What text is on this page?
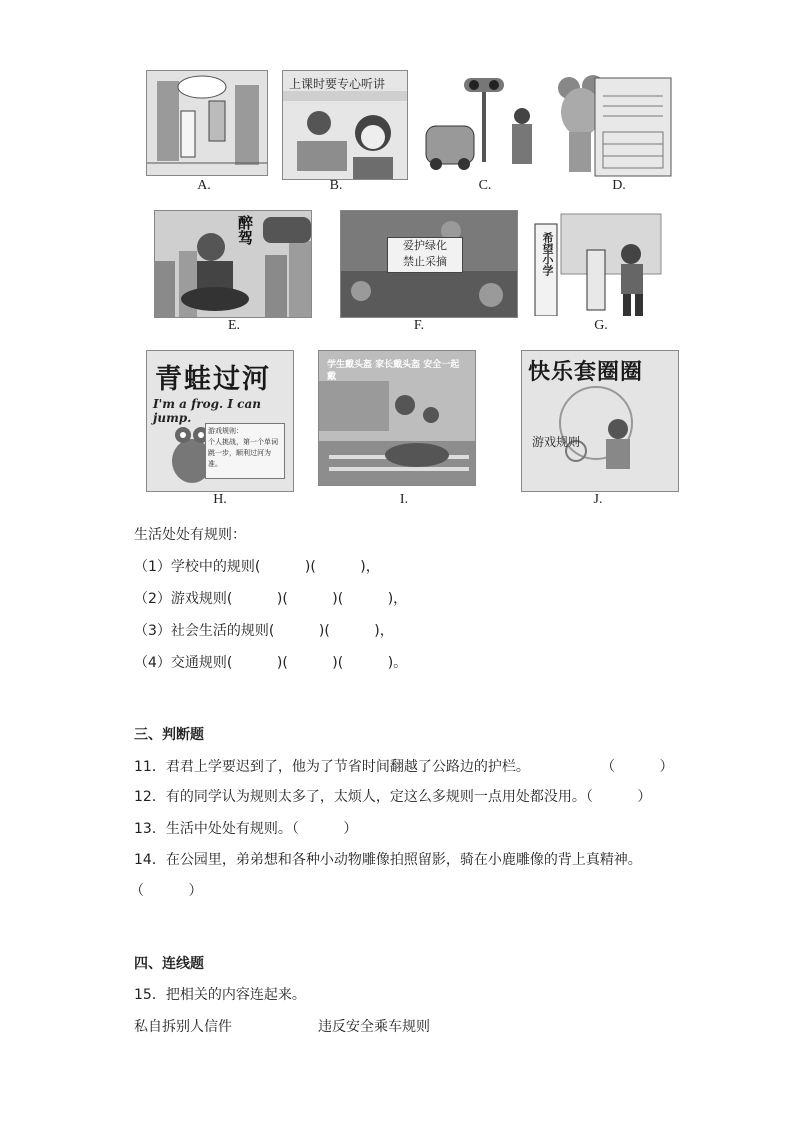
A.
上课时要专心听讲
B.	C.	D.
醉驾
E.
爱护绿化
禁止采摘
F.
希望小学
G.
青蛙过河
I'm a frog. I can jump.
游戏规则：
个人挑战，第一个单词跳一步，顺利过河为准。
H.
学生戴头盔 家长戴头盔 安全一起戴
I.
快乐套圈圈
游戏规则
J.
生活处处有规则：
（1）学校中的规则(          )(          )，
（2）游戏规则(          )(          )(          )，
（3）社会生活的规则(          )(          )，
（4）交通规则(          )(          )(          )。
三、判断题
11．君君上学要迟到了，他为了节省时间翻越了公路边的护栏。                （          ）
12．有的同学认为规则太多了，太烦人，定这么多规则一点用处都没用。（          ）
13．生活中处处有规则。（          ）
14．在公园里，弟弟想和各种小动物雕像拍照留影，骑在小鹿雕像的背上真精神。
（          ）
四、连线题
15．把相关的内容连起来。
私自拆别人信件	违反安全乘车规则
